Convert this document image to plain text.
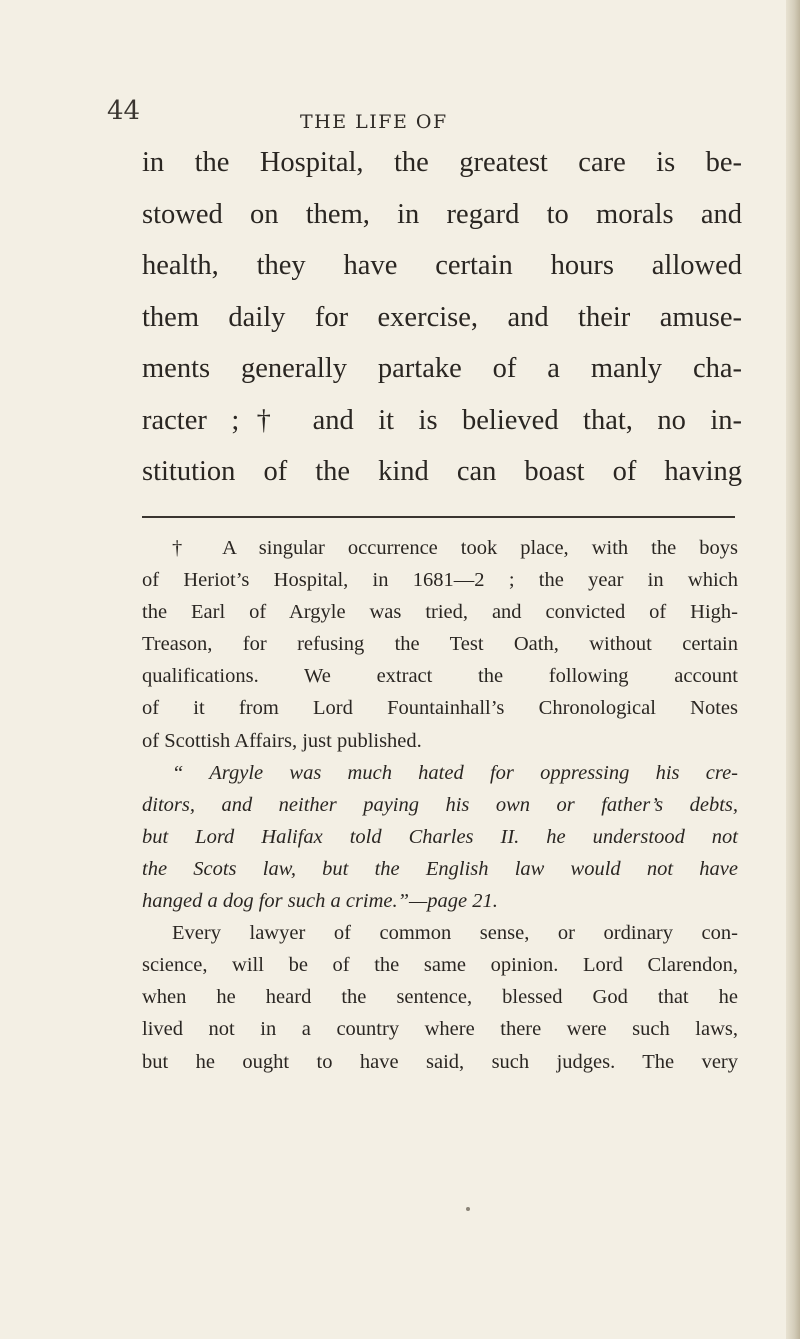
44	THE LIFE OF
in the Hospital, the greatest care is be-
stowed on them, in regard to morals and
health, they have certain hours allowed
them daily for exercise, and their amuse-
ments generally partake of a manly cha-
racter ;† and it is believed that, no in-
stitution of the kind can boast of having
† A singular occurrence took place, with the boys
of Heriot’s Hospital, in 1681—2 ; the year in which
the Earl of Argyle was tried, and convicted of High-
Treason, for refusing the Test Oath, without certain
qualifications. We extract the following account
of it from Lord Fountainhall’s Chronological Notes
of Scottish Affairs, just published.
“ Argyle was much hated for oppressing his cre-
ditors, and neither paying his own or father’s debts,
but Lord Halifax told Charles II. he understood not
the Scots law, but the English law would not have
hanged a dog for such a crime.”—page 21.
Every lawyer of common sense, or ordinary con-
science, will be of the same opinion. Lord Clarendon,
when he heard the sentence, blessed God that he
lived not in a country where there were such laws,
but he ought to have said, such judges. The very
